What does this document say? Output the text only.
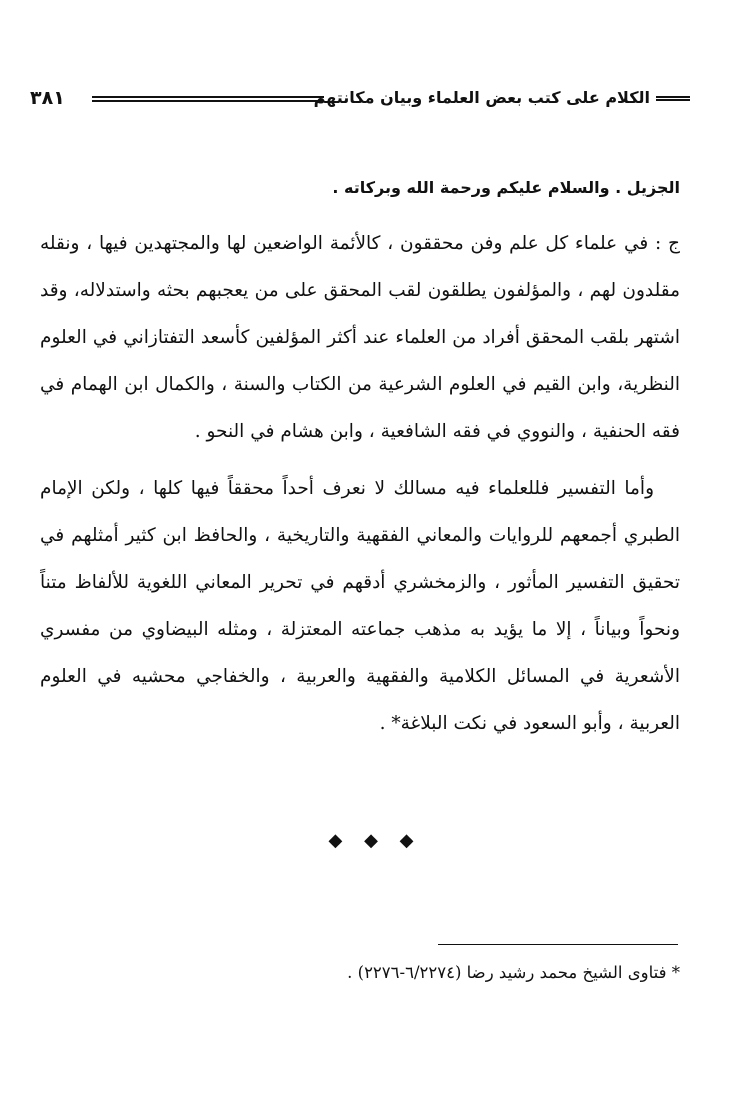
الكلام على كتب بعض العلماء وبيان مكانتهم
٣٨١

الجزيل . والسلام عليكم ورحمة الله وبركاته .

ج : في علماء كل علم وفن محققون ، كالأئمة الواضعين لها والمجتهدين فيها ، ونقله مقلدون لهم ، والمؤلفون يطلقون لقب المحقق على من يعجبهم بحثه واستدلاله، وقد اشتهر بلقب المحقق أفراد من العلماء عند أكثر المؤلفين كأسعد التفتازاني في العلوم النظرية، وابن القيم في العلوم الشرعية من الكتاب والسنة ، والكمال ابن الهمام في فقه الحنفية ، والنووي في فقه الشافعية ، وابن هشام في النحو .

وأما التفسير فللعلماء فيه مسالك لا نعرف أحداً محققاً فيها كلها ، ولكن الإمام الطبري أجمعهم للروايات والمعاني الفقهية والتاريخية ، والحافظ ابن كثير أمثلهم في تحقيق التفسير المأثور ، والزمخشري أدقهم في تحرير المعاني اللغوية للألفاظ متناً ونحواً وبياناً ، إلا ما يؤيد به مذهب جماعته المعتزلة ، ومثله البيضاوي من مفسري الأشعرية في المسائل الكلامية والفقهية والعربية ، والخفاجي محشيه في العلوم العربية ، وأبو السعود في نكت البلاغة* .

◆ ◆ ◆
* فتاوى الشيخ محمد رشيد رضا (٦/٢٢٧٤-٢٢٧٦) .
